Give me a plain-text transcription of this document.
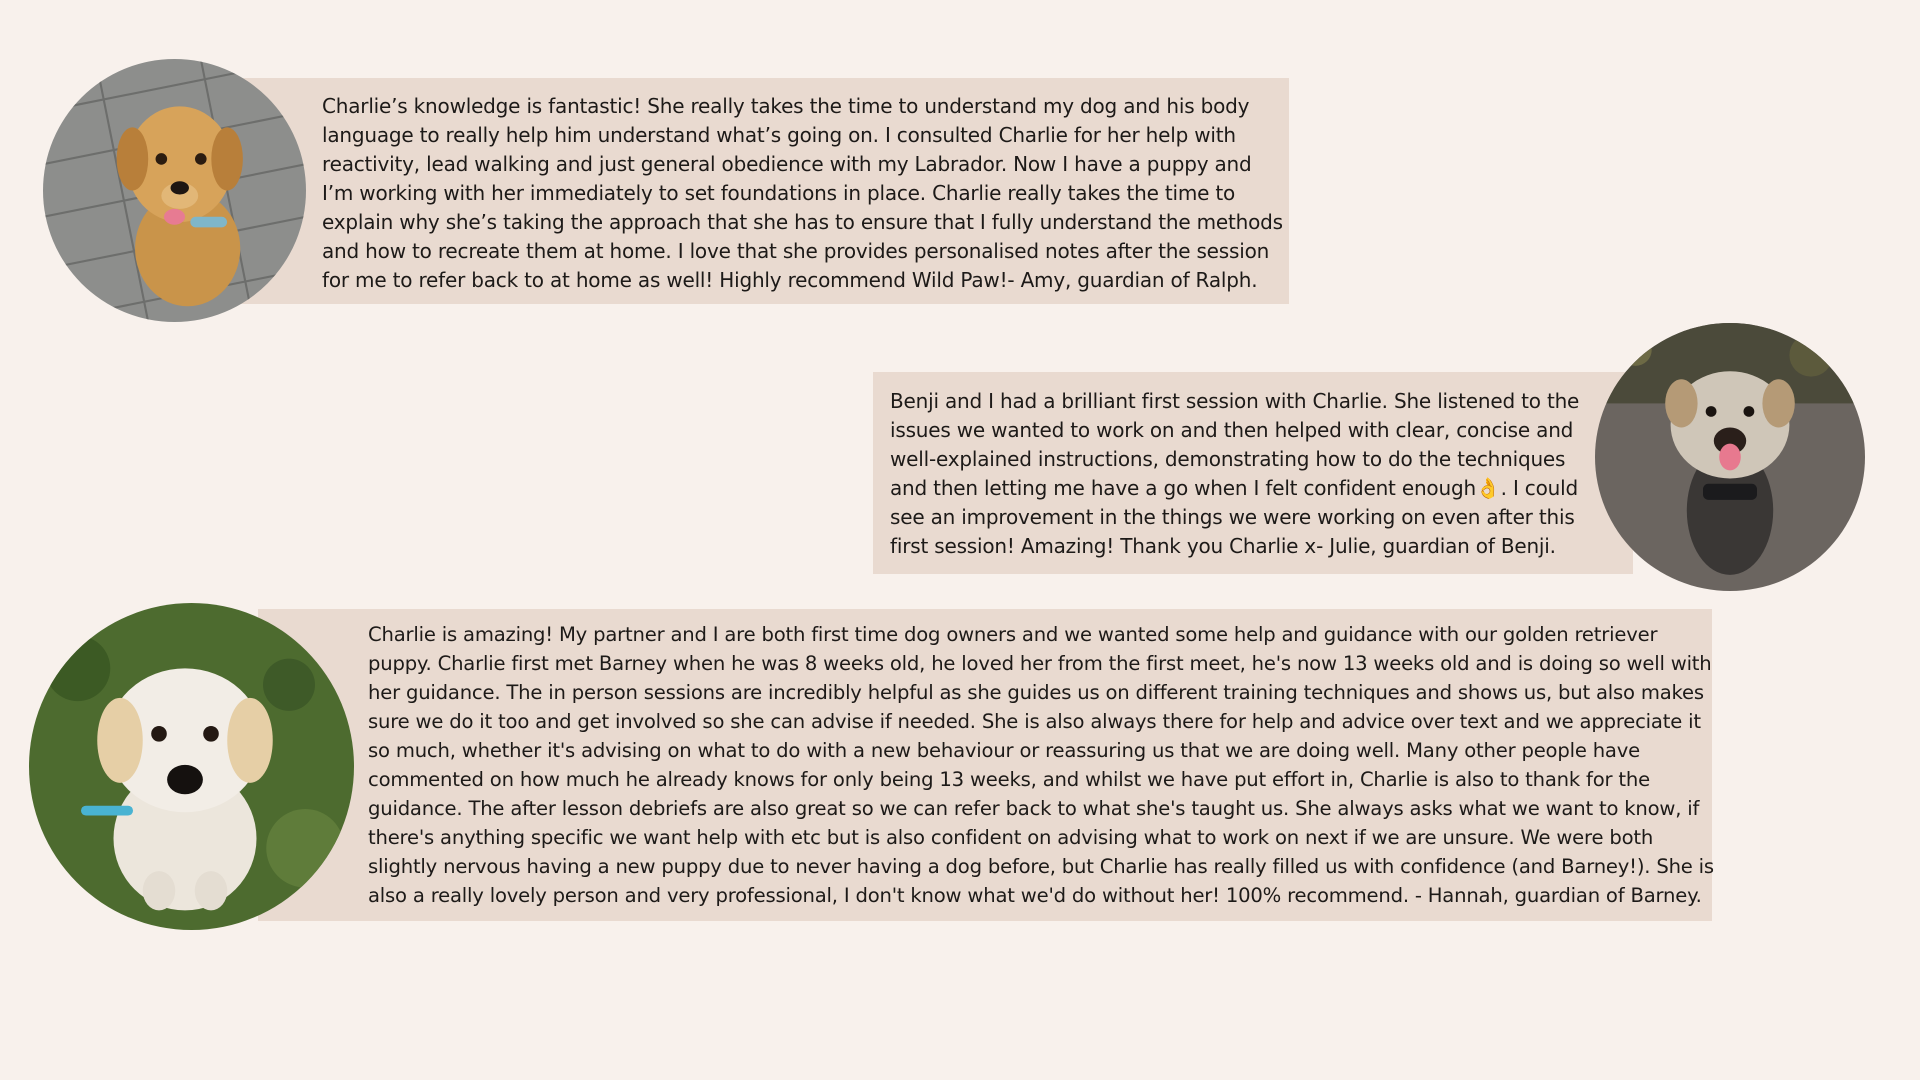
Charlie’s knowledge is fantastic! She really takes the time to understand my dog and his body language to really help him understand what’s going on. I consulted Charlie for her help with reactivity, lead walking and just general obedience with my Labrador. Now I have a puppy and I’m working with her immediately to set foundations in place. Charlie really takes the time to explain why she’s taking the approach that she has to ensure that I fully understand the methods and how to recreate them at home. I love that she provides personalised notes after the session for me to refer back to at home as well! Highly recommend Wild Paw!- Amy, guardian of Ralph.
Benji and I had a brilliant first session with Charlie. She listened to the issues we wanted to work on and then helped with clear, concise and well-explained instructions, demonstrating how to do the techniques and then letting me have a go when I felt confident enough👌. I could see an improvement in the things we were working on even after this first session! Amazing! Thank you Charlie x- Julie, guardian of Benji.
Charlie is amazing! My partner and I are both first time dog owners and we wanted some help and guidance with our golden retriever puppy. Charlie first met Barney when he was 8 weeks old, he loved her from the first meet, he's now 13 weeks old and is doing so well with her guidance. The in person sessions are incredibly helpful as she guides us on different training techniques and shows us, but also makes sure we do it too and get involved so she can advise if needed. She is also always there for help and advice over text and we appreciate it so much, whether it's advising on what to do with a new behaviour or reassuring us that we are doing well. Many other people have commented on how much he already knows for only being 13 weeks, and whilst we have put effort in, Charlie is also to thank for the guidance. The after lesson debriefs are also great so we can refer back to what she's taught us. She always asks what we want to know, if there's anything specific we want help with etc but is also confident on advising what to work on next if we are unsure. We were both slightly nervous having a new puppy due to never having a dog before, but Charlie has really filled us with confidence (and Barney!). She is also a really lovely person and very professional, I don't know what we'd do without her! 100% recommend. - Hannah, guardian of Barney.
